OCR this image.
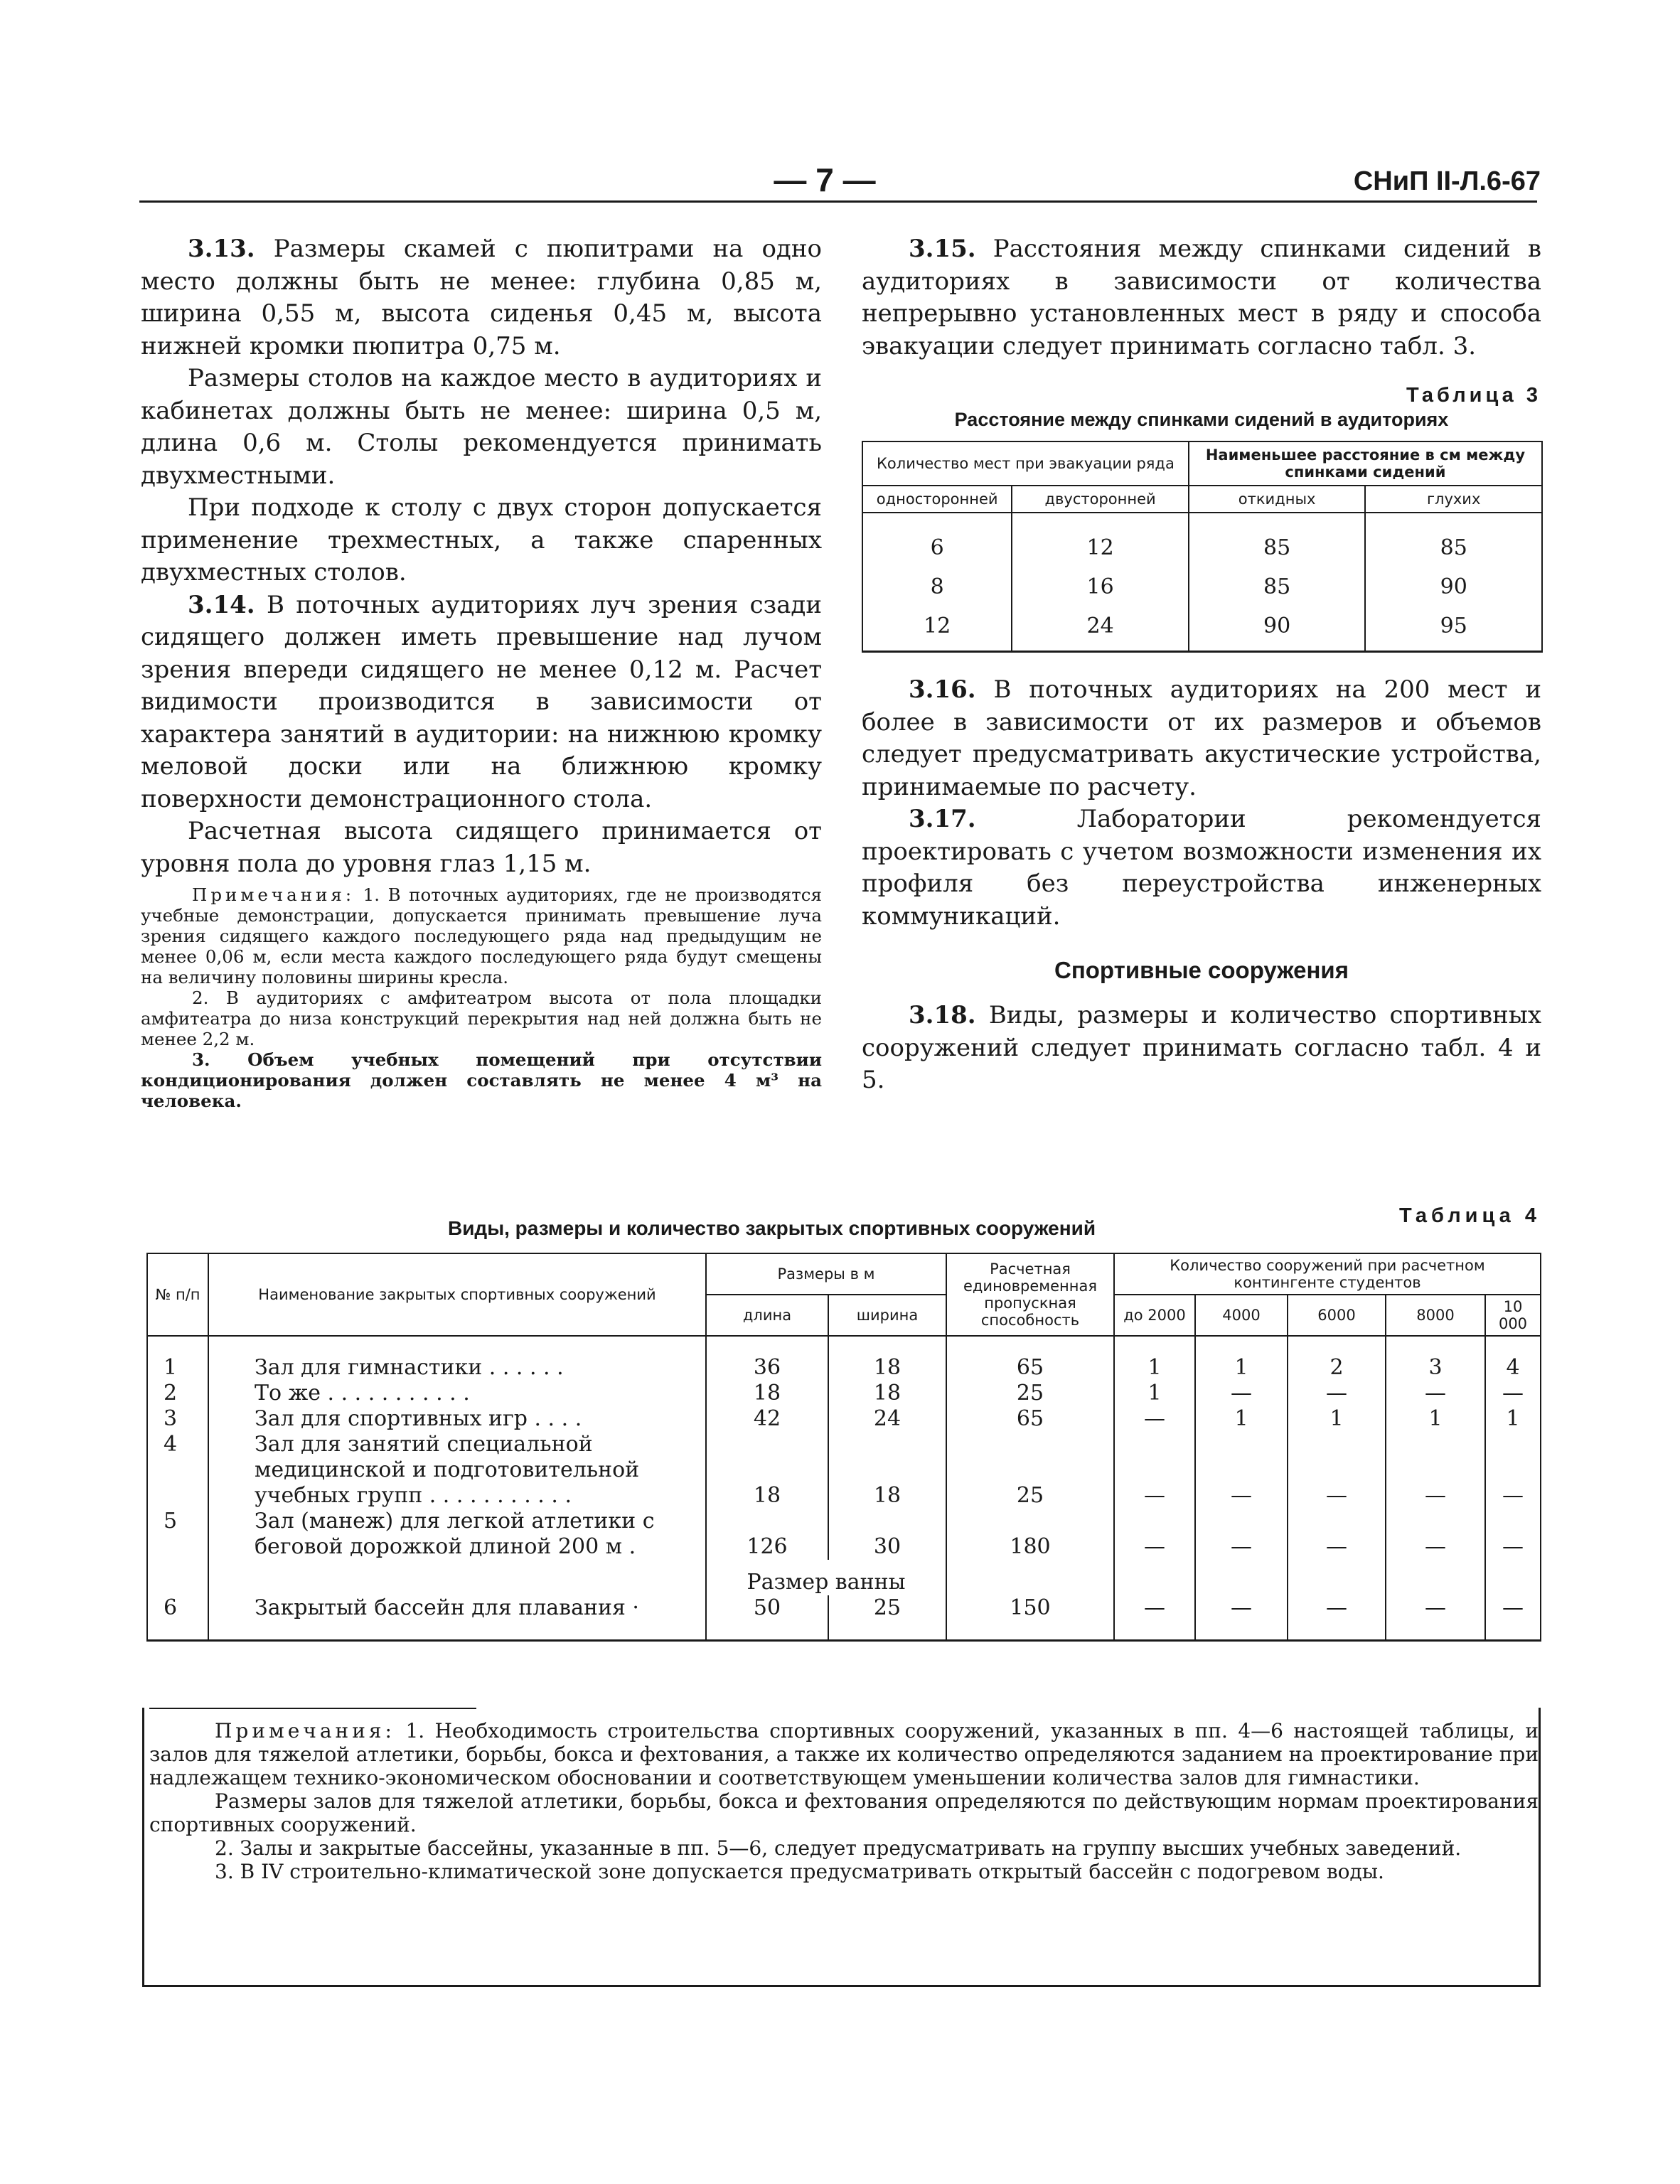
— 7 —	СНиП II-Л.6-67

3.13. Размеры скамей с пюпитрами на одно место должны быть не менее: глубина 0,85 м, ширина 0,55 м, высота сиденья 0,45 м, высота нижней кромки пюпитра 0,75 м.

Размеры столов на каждое место в аудиториях и кабинетах должны быть не менее: ширина 0,5 м, длина 0,6 м. Столы рекомендуется принимать двухместными.

При подходе к столу с двух сторон допускается применение трехместных, а также спаренных двухместных столов.

3.14. В поточных аудиториях луч зрения сзади сидящего должен иметь превышение над лучом зрения впереди сидящего не менее 0,12 м. Расчет видимости производится в зависимости от характера занятий в аудитории: на нижнюю кромку меловой доски или на ближнюю кромку поверхности демонстрационного стола.

Расчетная высота сидящего принимается от уровня пола до уровня глаз 1,15 м.

Примечания: 1. В поточных аудиториях, где не производятся учебные демонстрации, допускается принимать превышение луча зрения сидящего каждого последующего ряда над предыдущим не менее 0,06 м, если места каждого последующего ряда будут смещены на величину половины ширины кресла.

2. В аудиториях с амфитеатром высота от пола площадки амфитеатра до низа конструкций перекрытия над ней должна быть не менее 2,2 м.

3. Объем учебных помещений при отсутствии кондиционирования должен составлять не менее 4 м³ на человека.

3.15. Расстояния между спинками сидений в аудиториях в зависимости от количества непрерывно установленных мест в ряду и способа эвакуации следует принимать согласно табл. 3.

Таблица 3
Расстояние между спинками сидений в аудиториях
Количество мест при эвакуации ряда		Наименьшее расстояние в см между спинками сидений	
односторонней	двусторонней	откидных	глухих
6	12	85	85
8	16	85	90
12	24	90	95

3.16. В поточных аудиториях на 200 мест и более в зависимости от их размеров и объемов следует предусматривать акустические устройства, принимаемые по расчету.

3.17.	Лаборатории рекомендуется проектировать с учетом возможности изменения их профиля без переустройства инженерных коммуникаций.

Спортивные сооружения

3.18. Виды, размеры и количество спортивных сооружений следует принимать согласно табл. 4 и 5.

Таблица 4
Виды, размеры и количество закрытых спортивных сооружений
№ п/п	Наименование закрытых спортивных сооружений	Размеры в м		Расчетная единовременная пропускная способность	Количество сооружений при расчетном контингенте студентов				
		длина	ширина		до 2000	4000	6000	8000	10 000
1	Зал для гимнастики . . . . . .	36	18	65	1	1	2	3	4
2	То же . . . . . . . . . . .	18	18	25	1	—	—	—	—
3	Зал для спортивных игр . . . .	42	24	65	—	1	1	1	1
4	Зал для занятий специальной медицинской и подготовительной учебных групп . . . . . . . . . . .	18	18	25	—	—	—	—	—
5	Зал (манеж) для легкой атлетики с беговой дорожкой длиной 200 м .	126	30	180	—	—	—	—	—
		Размер ванны							
6	Закрытый бассейн для плавания ·	50	25	150	—	—	—	—	—

Примечания: 1. Необходимость строительства спортивных сооружений, указанных в пп. 4—6 настоящей таблицы, и залов для тяжелой атлетики, борьбы, бокса и фехтования, а также их количество определяются заданием на проектирование при надлежащем технико-экономическом обосновании и соответствующем уменьшении количества залов для гимнастики.

Размеры залов для тяжелой атлетики, борьбы, бокса и фехтования определяются по действующим нормам проектирования спортивных сооружений.

2. Залы и закрытые бассейны, указанные в пп. 5—6, следует предусматривать на группу высших учебных заведений.

3. В IV строительно-климатической зоне допускается предусматривать открытый бассейн с подогревом воды.
